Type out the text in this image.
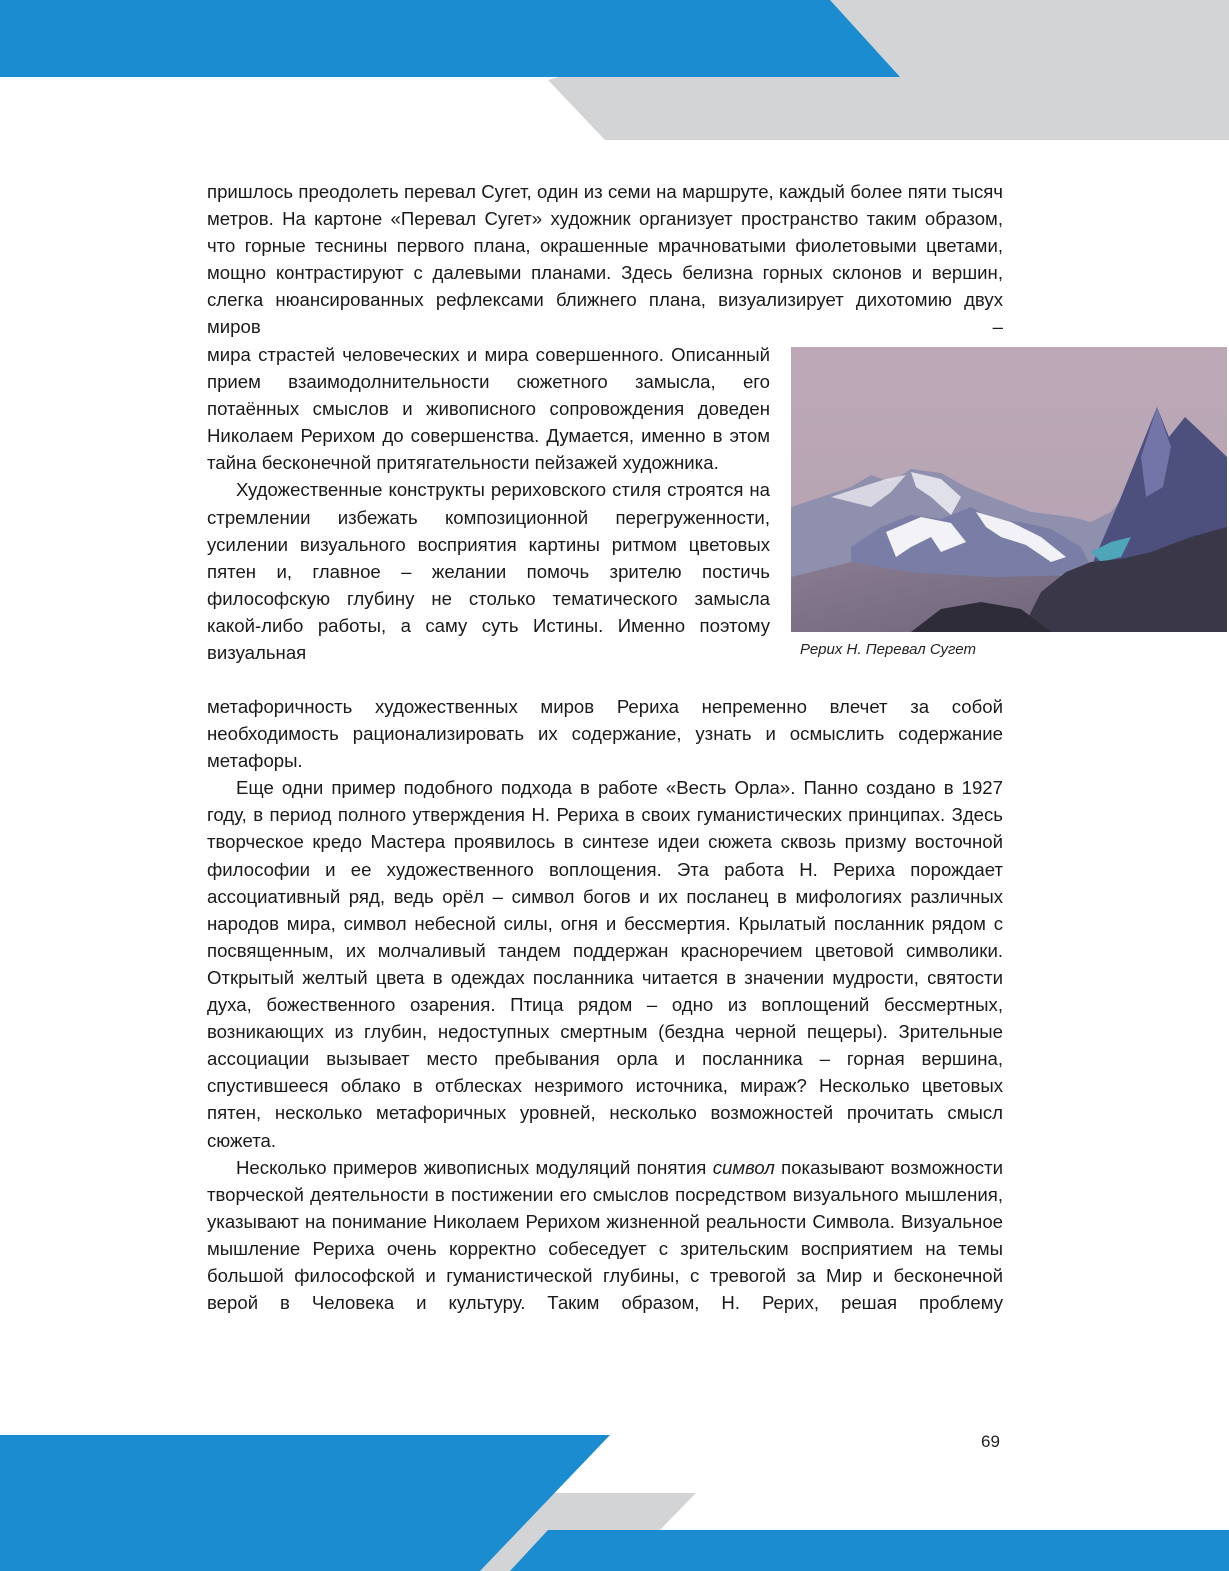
пришлось преодолеть перевал Сугет, один из семи на маршруте, каждый более пяти тысяч метров. На картоне «Перевал Сугет» художник организует пространство таким образом, что горные теснины первого плана, окрашенные мрачноватыми фиолетовыми цветами, мощно контрастируют с далевыми планами. Здесь белизна горных склонов и вершин, слегка нюансированных рефлексами ближнего плана, визуализирует дихотомию двух миров –

мира страстей человеческих и мира совершенного. Описанный прием взаимодолнительности сюжетного замысла, его потаённых смыслов и живописного сопровождения доведен Николаем Рерихом до совершенства. Думается, именно в этом тайна бесконечной притягательности пейзажей художника.

Художественные конструкты рериховского стиля строятся на стремлении избежать композиционной перегруженности, усилении визуального восприятия картины ритмом цветовых пятен и, главное – желании помочь зрителю постичь философскую глубину не столько тематического замысла какой-либо работы, а саму суть Истины. Именно поэтому визуальная	Рерих Н. Перевал Сугет

метафоричность художественных миров Рериха непременно влечет за собой необходимость рационализировать их содержание, узнать и осмыслить содержание метафоры.

Еще одни пример подобного подхода в работе «Весть Орла». Панно создано в 1927 году, в период полного утверждения Н. Рериха в своих гуманистических принципах. Здесь творческое кредо Мастера проявилось в синтезе идеи сюжета сквозь призму восточной философии и ее художественного воплощения. Эта работа Н. Рериха порождает ассоциативный ряд, ведь орёл – символ богов и их посланец в мифологиях различных народов мира, символ небесной силы, огня и бессмертия. Крылатый посланник рядом с посвященным, их молчаливый тандем поддержан красноречием цветовой символики. Открытый желтый цвета в одеждах посланника читается в значении мудрости, святости духа, божественного озарения. Птица рядом – одно из воплощений бессмертных, возникающих из глубин, недоступных смертным (бездна черной пещеры). Зрительные ассоциации вызывает место пребывания орла и посланника – горная вершина, спустившееся облако в отблесках незримого источника, мираж? Несколько цветовых пятен, несколько метафоричных уровней, несколько возможностей прочитать смысл сюжета.

Несколько примеров живописных модуляций понятия символ показывают возможности творческой деятельности в постижении его смыслов посредством визуального мышления, указывают на понимание Николаем Рерихом жизненной реальности Символа. Визуальное мышление Рериха очень корректно собеседует с зрительским восприятием на темы большой философской и гуманистической глубины, с тревогой за Мир и бесконечной верой в Человека и культуру. Таким образом, Н. Рерих, решая проблему

69
